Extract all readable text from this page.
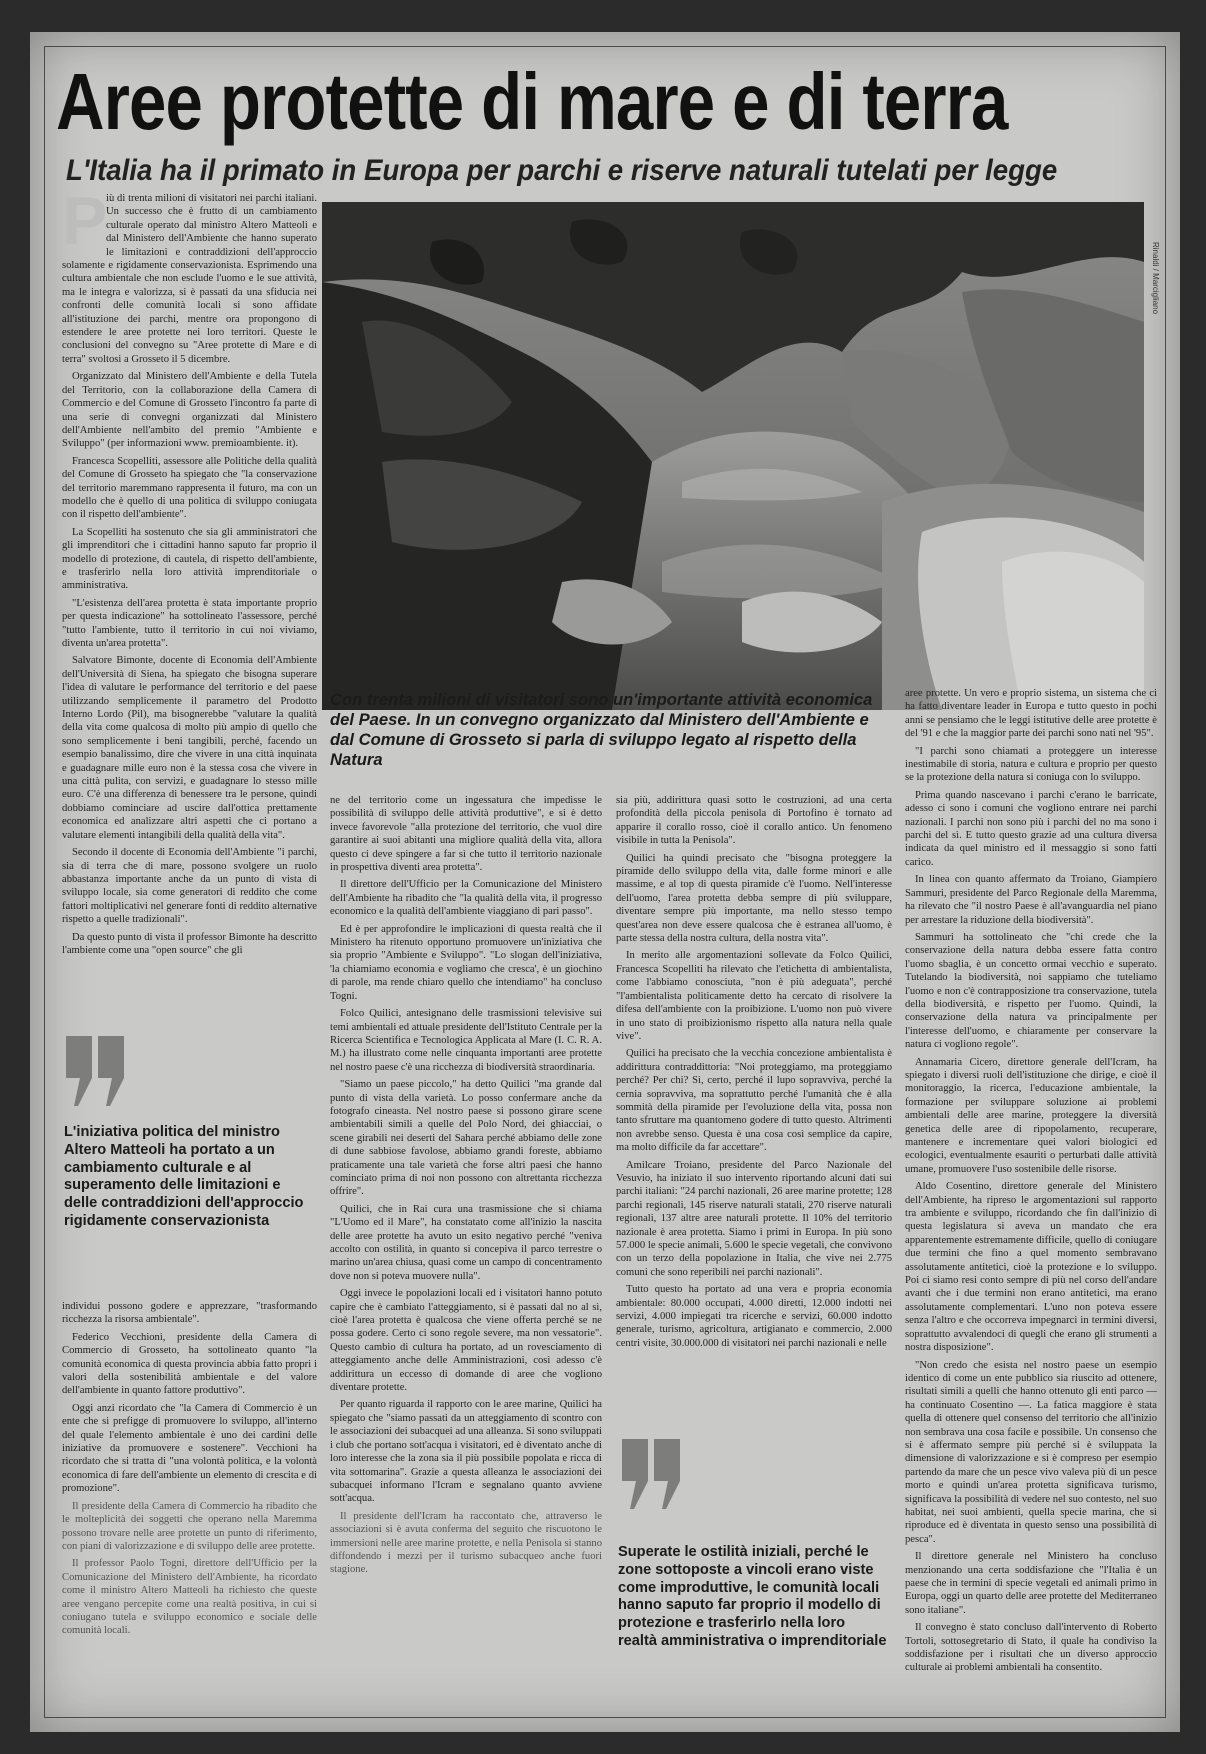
Aree protette di mare e di terra
L'Italia ha il primato in Europa per parchi e riserve naturali tutelati per legge
Rinaldi / Marcigliano
Con trenta milioni di visitatori sono un'importante attività economica del Paese. In un convegno organizzato dal Ministero dell'Ambiente e dal Comune di Grosseto si parla di sviluppo legato al rispetto della Natura
P

iù di trenta milioni di visitatori nei parchi italiani. Un successo che è frutto di un cambiamento culturale operato dal ministro Altero Matteoli e dal Ministero dell'Ambiente che hanno superato le limitazioni e contraddizioni dell'approccio solamente e rigidamente conservazionista. Esprimendo una cultura ambientale che non esclude l'uomo e le sue attività, ma le integra e valorizza, si è passati da una sfiducia nei confronti delle comunità locali si sono affidate all'istituzione dei parchi, mentre ora propongono di estendere le aree protette nei loro territori. Queste le conclusioni del convegno su "Aree protette di Mare e di terra" svoltosi a Grosseto il 5 dicembre.

Organizzato dal Ministero dell'Ambiente e della Tutela del Territorio, con la collaborazione della Camera di Commercio e del Comune di Grosseto l'incontro fa parte di una serie di convegni organizzati dal Ministero dell'Ambiente nell'ambito del premio "Ambiente e Sviluppo" (per informazioni www. premioambiente. it).

Francesca Scopelliti, assessore alle Politiche della qualità del Comune di Grosseto ha spiegato che "la conservazione del territorio maremmano rappresenta il futuro, ma con un modello che è quello di una politica di sviluppo coniugata con il rispetto dell'ambiente".

La Scopelliti ha sostenuto che sia gli amministratori che gli imprenditori che i cittadini hanno saputo far proprio il modello di protezione, di cautela, di rispetto dell'ambiente, e trasferirlo nella loro attività imprenditoriale o amministrativa.

"L'esistenza dell'area protetta è stata importante proprio per questa indicazione" ha sottolineato l'assessore, perché "tutto l'ambiente, tutto il territorio in cui noi viviamo, diventa un'area protetta".

Salvatore Bimonte, docente di Economia dell'Ambiente dell'Università di Siena, ha spiegato che bisogna superare l'idea di valutare le performance del territorio e del paese utilizzando semplicemente il parametro del Prodotto Interno Lordo (Pil), ma bisognerebbe "valutare la qualità della vita come qualcosa di molto più ampio di quello che sono semplicemente i beni tangibili, perché, facendo un esempio banalissimo, dire che vivere in una città inquinata e guadagnare mille euro non è la stessa cosa che vivere in una città pulita, con servizi, e guadagnare lo stesso mille euro. C'è una differenza di benessere tra le persone, quindi dobbiamo cominciare ad uscire dall'ottica prettamente economica ed analizzare altri aspetti che ci portano a valutare elementi intangibili della qualità della vita".

Secondo il docente di Economia dell'Ambiente "i parchi, sia di terra che di mare, possono svolgere un ruolo abbastanza importante anche da un punto di vista di sviluppo locale, sia come generatori di reddito che come fattori moltiplicativi nel generare fonti di reddito alternative rispetto a quelle tradizionali".

Da questo punto di vista il professor Bimonte ha descritto l'ambiente come una "open source" che gli

L'iniziativa politica del ministro Altero Matteoli ha portato a un cambiamento culturale e al superamento delle limitazioni e delle contraddizioni dell'approccio rigidamente conservazionista

individui possono godere e apprezzare, "trasformando ricchezza la risorsa ambientale".

Federico Vecchioni, presidente della Camera di Commercio di Grosseto, ha sottolineato quanto "la comunità economica di questa provincia abbia fatto propri i valori della sostenibilità ambientale e del valore dell'ambiente in quanto fattore produttivo".

Oggi anzi ricordato che "la Camera di Commercio è un ente che si prefigge di promuovere lo sviluppo, all'interno del quale l'elemento ambientale è uno dei cardini delle iniziative da promuovere e sostenere". Vecchioni ha ricordato che si tratta di "una volontà politica, e la volontà economica di fare dell'ambiente un elemento di crescita e di promozione".

Il presidente della Camera di Commercio ha ribadito che le molteplicità dei soggetti che operano nella Maremma possono trovare nelle aree protette un punto di riferimento, con piani di valorizzazione e di sviluppo delle aree protette.

Il professor Paolo Togni, direttore dell'Ufficio per la Comunicazione del Ministero dell'Ambiente, ha ricordato come il ministro Altero Matteoli ha richiesto che queste aree vengano percepite come una realtà positiva, in cui si coniugano tutela e sviluppo economico e sociale delle comunità locali.

ne del territorio come un ingessatura che impedisse le possibilità di sviluppo delle attività produttive", e si è detto invece favorevole "alla protezione del territorio, che vuol dire garantire ai suoi abitanti una migliore qualità della vita, allora questo ci deve spingere a far sì che tutto il territorio nazionale in prospettiva diventi area protetta".

Il direttore dell'Ufficio per la Comunicazione del Ministero dell'Ambiente ha ribadito che "la qualità della vita, il progresso economico e la qualità dell'ambiente viaggiano di pari passo".

Ed è per approfondire le implicazioni di questa realtà che il Ministero ha ritenuto opportuno promuovere un'iniziativa che sia proprio "Ambiente e Sviluppo". "Lo slogan dell'iniziativa, 'la chiamiamo economia e vogliamo che cresca', è un giochino di parole, ma rende chiaro quello che intendiamo" ha concluso Togni.

Folco Quilici, antesignano delle trasmissioni televisive sui temi ambientali ed attuale presidente dell'Istituto Centrale per la Ricerca Scientifica e Tecnologica Applicata al Mare (I. C. R. A. M.) ha illustrato come nelle cinquanta importanti aree protette nel nostro paese c'è una ricchezza di biodiversità straordinaria.

"Siamo un paese piccolo," ha detto Quilici "ma grande dal punto di vista della varietà. Lo posso confermare anche da fotografo cineasta. Nel nostro paese si possono girare scene ambientabili simili a quelle del Polo Nord, dei ghiacciai, o scene girabili nei deserti del Sahara perché abbiamo delle zone di dune sabbiose favolose, abbiamo grandi foreste, abbiamo praticamente una tale varietà che forse altri paesi che hanno cominciato prima di noi non possono con altrettanta ricchezza offrire".

Quilici, che in Rai cura una trasmissione che si chiama "L'Uomo ed il Mare", ha constatato come all'inizio la nascita delle aree protette ha avuto un esito negativo perché "veniva accolto con ostilità, in quanto si concepiva il parco terrestre o marino un'area chiusa, quasi come un campo di concentramento dove non si poteva muovere nulla".

Oggi invece le popolazioni locali ed i visitatori hanno potuto capire che è cambiato l'atteggiamento, si è passati dal no al sì, cioè l'area protetta è qualcosa che viene offerta perché se ne possa godere. Certo ci sono regole severe, ma non vessatorie". Questo cambio di cultura ha portato, ad un rovesciamento di atteggiamento anche delle Amministrazioni, così adesso c'è addirittura un eccesso di domande di aree che vogliono diventare protette.

Per quanto riguarda il rapporto con le aree marine, Quilici ha spiegato che "siamo passati da un atteggiamento di scontro con le associazioni dei subacquei ad una alleanza. Si sono sviluppati i club che portano sott'acqua i visitatori, ed è diventato anche di loro interesse che la zona sia il più possibile popolata e ricca di vita sottomarina". Grazie a questa alleanza le associazioni dei subacquei informano l'Icram e segnalano quanto avviene sott'acqua.

Il presidente dell'Icram ha raccontato che, attraverso le associazioni si è avuta conferma del seguito che riscuotono le immersioni nelle aree marine protette, e nella Penisola si stanno diffondendo i mezzi per il turismo subacqueo anche fuori stagione.

sia più, addirittura quasi sotto le costruzioni, ad una certa profondità della piccola penisola di Portofino è tornato ad apparire il corallo rosso, cioè il corallo antico. Un fenomeno visibile in tutta la Penisola".

Quilici ha quindi precisato che "bisogna proteggere la piramide dello sviluppo della vita, dalle forme minori e alle massime, e al top di questa piramide c'è l'uomo. Nell'interesse dell'uomo, l'area protetta debba sempre di più sviluppare, diventare sempre più importante, ma nello stesso tempo quest'area non deve essere qualcosa che è estranea all'uomo, è parte stessa della nostra cultura, della nostra vita".

In merito alle argomentazioni sollevate da Folco Quilici, Francesca Scopelliti ha rilevato che l'etichetta di ambientalista, come l'abbiamo conosciuta, "non è più adeguata", perché "l'ambientalista politicamente detto ha cercato di risolvere la difesa dell'ambiente con la proibizione. L'uomo non può vivere in uno stato di proibizionismo rispetto alla natura nella quale vive".

Quilici ha precisato che la vecchia concezione ambientalista è addirittura contraddittoria: "Noi proteggiamo, ma proteggiamo perché? Per chi? Sì, certo, perché il lupo sopravviva, perché la cernia sopravviva, ma soprattutto perché l'umanità che è alla sommità della piramide per l'evoluzione della vita, possa non tanto sfruttare ma quantomeno godere di tutto questo. Altrimenti non avrebbe senso. Questa è una cosa così semplice da capire, ma molto difficile da far accettare".

Amilcare Troiano, presidente del Parco Nazionale del Vesuvio, ha iniziato il suo intervento riportando alcuni dati sui parchi italiani: "24 parchi nazionali, 26 aree marine protette; 128 parchi regionali, 145 riserve naturali statali, 270 riserve naturali regionali, 137 altre aree naturali protette. Il 10% del territorio nazionale è area protetta. Siamo i primi in Europa. In più sono 57.000 le specie animali, 5.600 le specie vegetali, che convivono con un terzo della popolazione in Italia, che vive nei 2.775 comuni che sono reperibili nei parchi nazionali".

Tutto questo ha portato ad una vera e propria economia ambientale: 80.000 occupati, 4.000 diretti, 12.000 indotti nei servizi, 4.000 impiegati tra ricerche e servizi, 60.000 indotto generale, turismo, agricoltura, artigianato e commercio, 2.000 centri visite, 30.000.000 di visitatori nei parchi nazionali e nelle

Superate le ostilità iniziali, perché le zone sottoposte a vincoli erano viste come improduttive, le comunità locali hanno saputo far proprio il modello di protezione e trasferirlo nella loro realtà amministrativa o imprenditoriale

aree protette. Un vero e proprio sistema, un sistema che ci ha fatto diventare leader in Europa e tutto questo in pochi anni se pensiamo che le leggi istitutive delle aree protette è del '91 e che la maggior parte dei parchi sono nati nel '95".

"I parchi sono chiamati a proteggere un interesse inestimabile di storia, natura e cultura e proprio per questo se la protezione della natura si coniuga con lo sviluppo.

Prima quando nascevano i parchi c'erano le barricate, adesso ci sono i comuni che vogliono entrare nei parchi nazionali. I parchi non sono più i parchi del no ma sono i parchi del sì. E tutto questo grazie ad una cultura diversa indicata da quel ministro ed il messaggio si sono fatti carico.

In linea con quanto affermato da Troiano, Giampiero Sammuri, presidente del Parco Regionale della Maremma, ha rilevato che "il nostro Paese è all'avanguardia nel piano per arrestare la riduzione della biodiversità".

Sammuri ha sottolineato che "chi crede che la conservazione della natura debba essere fatta contro l'uomo sbaglia, è un concetto ormai vecchio e superato. Tutelando la biodiversità, noi sappiamo che tuteliamo l'uomo e non c'è contrapposizione tra conservazione, tutela della biodiversità, e rispetto per l'uomo. Quindi, la conservazione della natura va principalmente per l'interesse dell'uomo, e chiaramente per conservare la natura ci vogliono regole".

Annamaria Cicero, direttore generale dell'Icram, ha spiegato i diversi ruoli dell'istituzione che dirige, e cioè il monitoraggio, la ricerca, l'educazione ambientale, la formazione per sviluppare soluzione ai problemi ambientali delle aree marine, proteggere la diversità genetica delle aree di ripopolamento, recuperare, mantenere e incrementare quei valori biologici ed ecologici, eventualmente esauriti o perturbati dalle attività umane, promuovere l'uso sostenibile delle risorse.

Aldo Cosentino, direttore generale del Ministero dell'Ambiente, ha ripreso le argomentazioni sul rapporto tra ambiente e sviluppo, ricordando che fin dall'inizio di questa legislatura si aveva un mandato che era apparentemente estremamente difficile, quello di coniugare due termini che fino a quel momento sembravano assolutamente antitetici, cioè la protezione e lo sviluppo. Poi ci siamo resi conto sempre di più nel corso dell'andare avanti che i due termini non erano antitetici, ma erano assolutamente complementari. L'uno non poteva essere senza l'altro e che occorreva impegnarci in termini diversi, soprattutto avvalendoci di quegli che erano gli strumenti a nostra disposizione".

"Non credo che esista nel nostro paese un esempio identico di come un ente pubblico sia riuscito ad ottenere, risultati simili a quelli che hanno ottenuto gli enti parco — ha continuato Cosentino —. La fatica maggiore è stata quella di ottenere quel consenso del territorio che all'inizio non sembrava una cosa facile e possibile. Un consenso che si è affermato sempre più perché si è sviluppata la dimensione di valorizzazione e si è compreso per esempio partendo da mare che un pesce vivo valeva più di un pesce morto e quindi un'area protetta significava turismo, significava la possibilità di vedere nel suo contesto, nel suo habitat, nei suoi ambienti, quella specie marina, che si riproduce ed è diventata in questo senso una possibilità di pesca".

Il direttore generale nel Ministero ha concluso menzionando una certa soddisfazione che "l'Italia è un paese che in termini di specie vegetali ed animali primo in Europa, oggi un quarto delle aree protette del Mediterraneo sono italiane".

Il convegno è stato concluso dall'intervento di Roberto Tortoli, sottosegretario di Stato, il quale ha condiviso la soddisfazione per i risultati che un diverso approccio culturale ai problemi ambientali ha consentito.
